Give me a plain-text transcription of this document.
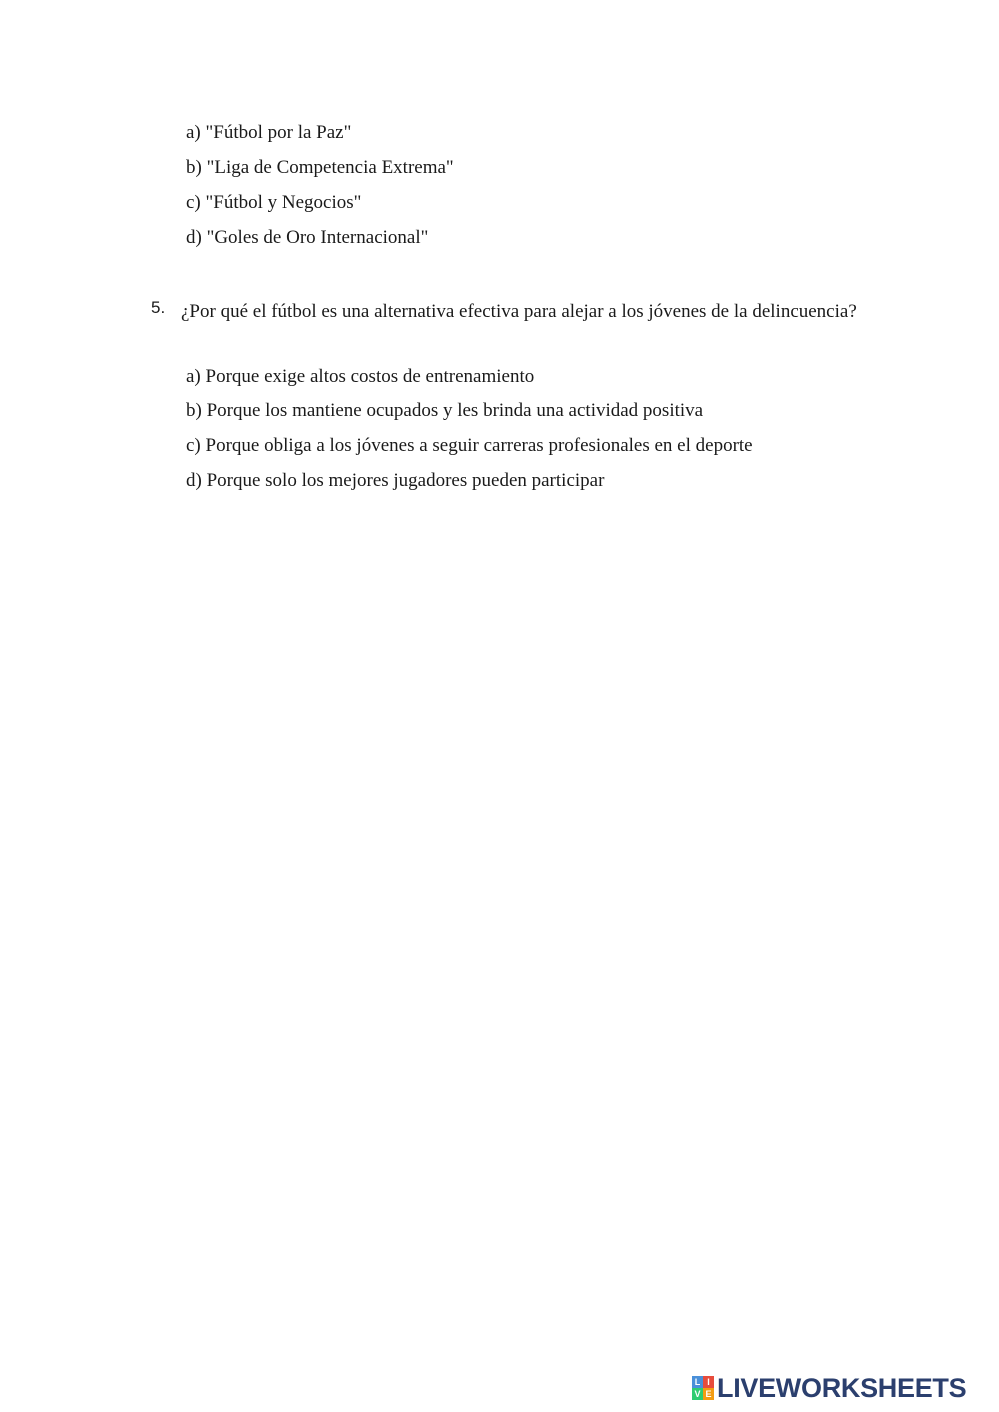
a) "Fútbol por la Paz"
b) "Liga de Competencia Extrema"
c) "Fútbol y Negocios"
d) "Goles de Oro Internacional"
5. ¿Por qué el fútbol es una alternativa efectiva para alejar a los jóvenes de la delincuencia?
a) Porque exige altos costos de entrenamiento
b) Porque los mantiene ocupados y les brinda una actividad positiva
c) Porque obliga a los jóvenes a seguir carreras profesionales en el deporte
d) Porque solo los mejores jugadores pueden participar
L I
V E LIVEWORKSHEETS
